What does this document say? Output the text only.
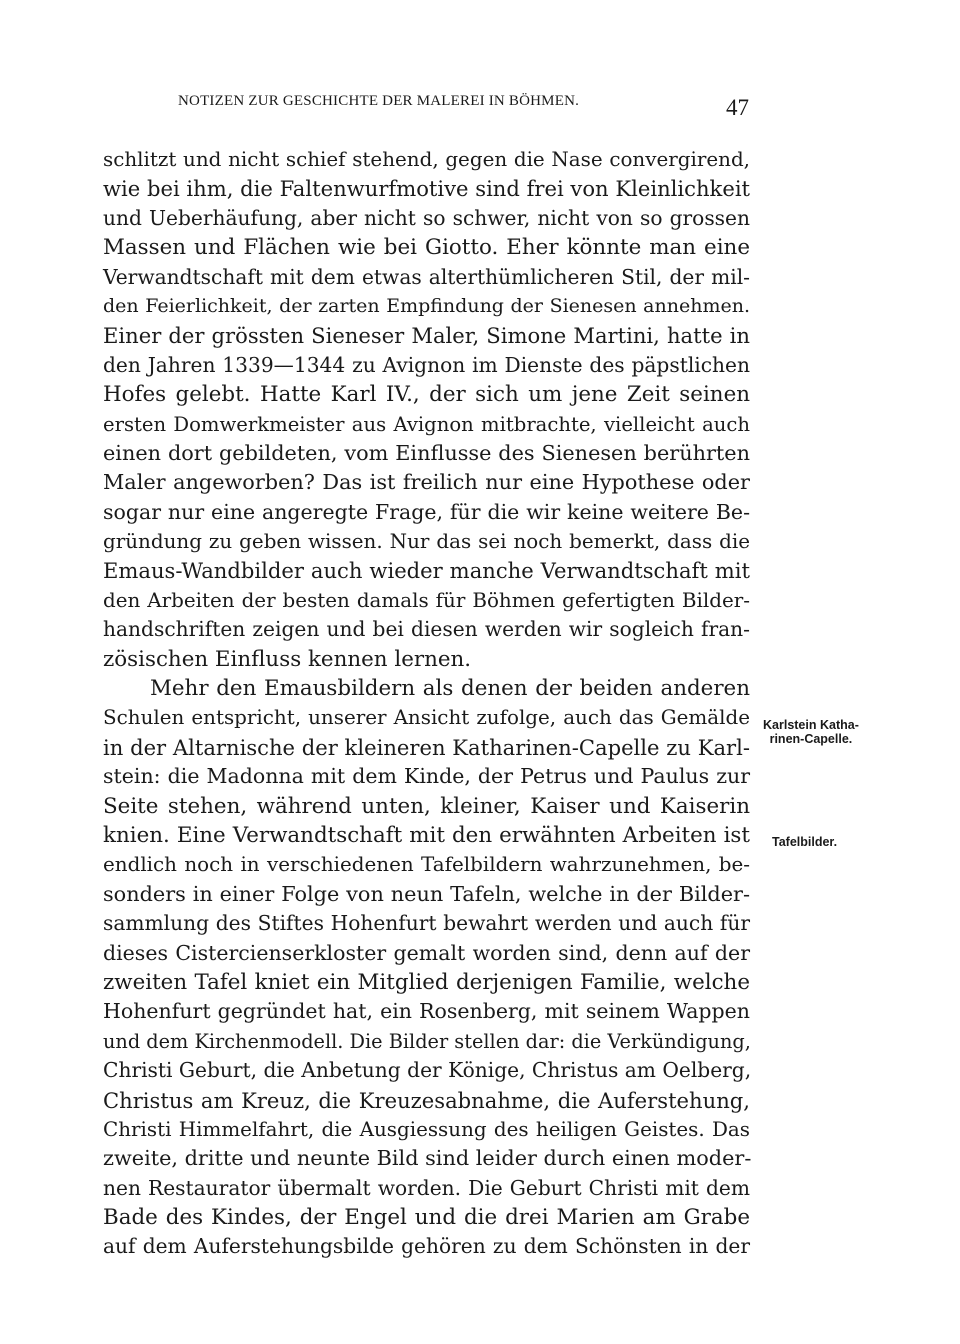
NOTIZEN ZUR GESCHICHTE DER MALEREI IN BÖHMEN.	47
schlitzt und nicht schief stehend, gegen die Nase convergirend,
wie bei ihm, die Faltenwurfmotive sind frei von Kleinlichkeit
und Ueberhäufung, aber nicht so schwer, nicht von so grossen
Massen und Flächen wie bei Giotto. Eher könnte man eine
Verwandtschaft mit dem etwas alterthümlicheren Stil, der mil-
den Feierlichkeit, der zarten Empfindung der Sienesen annehmen.
Einer der grössten Sieneser Maler, Simone Martini, hatte in
den Jahren 1339—1344 zu Avignon im Dienste des päpstlichen
Hofes gelebt. Hatte Karl IV., der sich um jene Zeit seinen
ersten Domwerkmeister aus Avignon mitbrachte, vielleicht auch
einen dort gebildeten, vom Einflusse des Sienesen berührten
Maler angeworben? Das ist freilich nur eine Hypothese oder
sogar nur eine angeregte Frage, für die wir keine weitere Be-
gründung zu geben wissen. Nur das sei noch bemerkt, dass die
Emaus-Wandbilder auch wieder manche Verwandtschaft mit
den Arbeiten der besten damals für Böhmen gefertigten Bilder-
handschriften zeigen und bei diesen werden wir sogleich fran-
zösischen Einfluss kennen lernen.
Mehr den Emausbildern als denen der beiden anderen
Schulen entspricht, unserer Ansicht zufolge, auch das Gemälde
in der Altarnische der kleineren Katharinen-Capelle zu Karl-
stein: die Madonna mit dem Kinde, der Petrus und Paulus zur
Seite stehen, während unten, kleiner, Kaiser und Kaiserin
knien. Eine Verwandtschaft mit den erwähnten Arbeiten ist
endlich noch in verschiedenen Tafelbildern wahrzunehmen, be-
sonders in einer Folge von neun Tafeln, welche in der Bilder-
sammlung des Stiftes Hohenfurt bewahrt werden und auch für
dieses Cistercienserkloster gemalt worden sind, denn auf der
zweiten Tafel kniet ein Mitglied derjenigen Familie, welche
Hohenfurt gegründet hat, ein Rosenberg, mit seinem Wappen
und dem Kirchenmodell. Die Bilder stellen dar: die Verkündigung,
Christi Geburt, die Anbetung der Könige, Christus am Oelberg,
Christus am Kreuz, die Kreuzesabnahme, die Auferstehung,
Christi Himmelfahrt, die Ausgiessung des heiligen Geistes. Das
zweite, dritte und neunte Bild sind leider durch einen moder-
nen Restaurator übermalt worden. Die Geburt Christi mit dem
Bade des Kindes, der Engel und die drei Marien am Grabe
auf dem Auferstehungsbilde gehören zu dem Schönsten in der
Karlstein Katha-
rinen-Capelle.
Tafelbilder.
